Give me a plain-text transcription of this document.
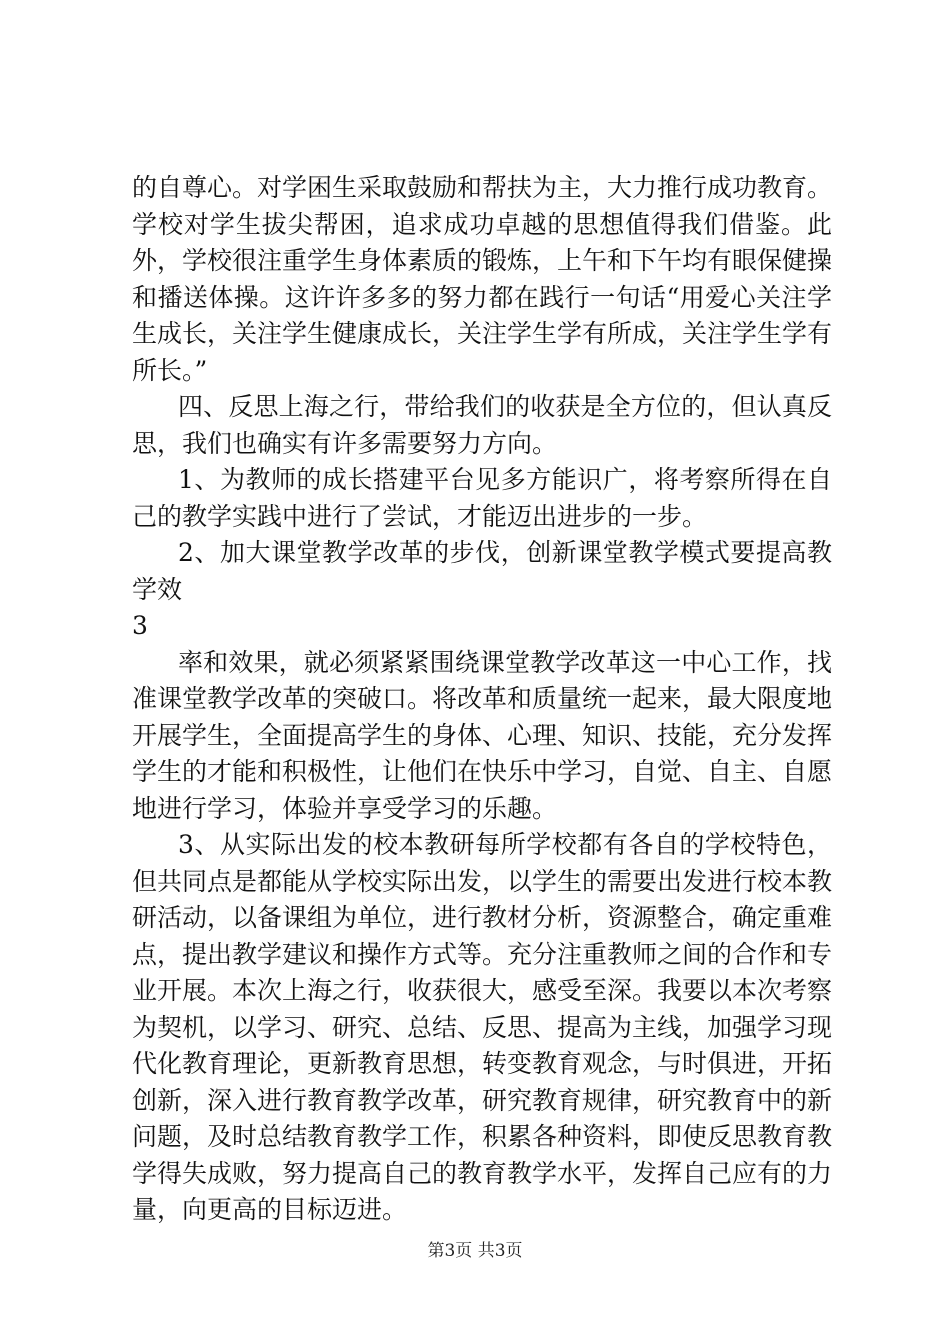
的自尊心。对学困生采取鼓励和帮扶为主，大力推行成功教育。学校对学生拔尖帮困，追求成功卓越的思想值得我们借鉴。此外，学校很注重学生身体素质的锻炼，上午和下午均有眼保健操和播送体操。这许许多多的努力都在践行一句话“用爱心关注学生成长，关注学生健康成长，关注学生学有所成，关注学生学有所长。”

四、反思上海之行，带给我们的收获是全方位的，但认真反思，我们也确实有许多需要努力方向。

1、为教师的成长搭建平台见多方能识广，将考察所得在自己的教学实践中进行了尝试，才能迈出进步的一步。

2、加大课堂教学改革的步伐，创新课堂教学模式要提高教学效

3

率和效果，就必须紧紧围绕课堂教学改革这一中心工作，找准课堂教学改革的突破口。将改革和质量统一起来，最大限度地开展学生，全面提高学生的身体、心理、知识、技能，充分发挥学生的才能和积极性，让他们在快乐中学习，自觉、自主、自愿地进行学习，体验并享受学习的乐趣。

3、从实际出发的校本教研每所学校都有各自的学校特色，但共同点是都能从学校实际出发，以学生的需要出发进行校本教研活动，以备课组为单位，进行教材分析，资源整合，确定重难点，提出教学建议和操作方式等。充分注重教师之间的合作和专业开展。本次上海之行，收获很大，感受至深。我要以本次考察为契机，以学习、研究、总结、反思、提高为主线，加强学习现代化教育理论，更新教育思想，转变教育观念，与时俱进，开拓创新，深入进行教育教学改革，研究教育规律，研究教育中的新问题，及时总结教育教学工作，积累各种资料，即使反思教育教学得失成败，努力提高自己的教育教学水平，发挥自己应有的力量，向更高的目标迈进。

第3页 共3页
